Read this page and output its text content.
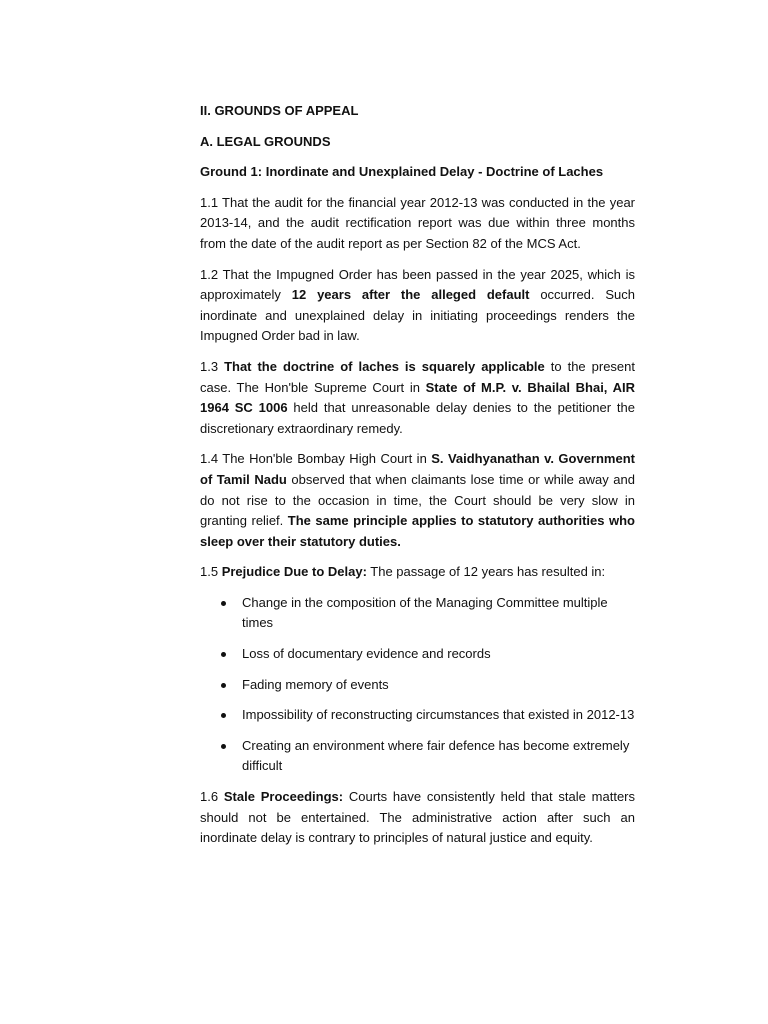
II. GROUNDS OF APPEAL

A. LEGAL GROUNDS

Ground 1: Inordinate and Unexplained Delay - Doctrine of Laches

1.1 That the audit for the financial year 2012-13 was conducted in the year 2013-14, and the audit rectification report was due within three months from the date of the audit report as per Section 82 of the MCS Act.

1.2 That the Impugned Order has been passed in the year 2025, which is approximately 12 years after the alleged default occurred. Such inordinate and unexplained delay in initiating proceedings renders the Impugned Order bad in law.

1.3 That the doctrine of laches is squarely applicable to the present case. The Hon'ble Supreme Court in State of M.P. v. Bhailal Bhai, AIR 1964 SC 1006 held that unreasonable delay denies to the petitioner the discretionary extraordinary remedy.

1.4 The Hon'ble Bombay High Court in S. Vaidhyanathan v. Government of Tamil Nadu observed that when claimants lose time or while away and do not rise to the occasion in time, the Court should be very slow in granting relief. The same principle applies to statutory authorities who sleep over their statutory duties.

1.5 Prejudice Due to Delay: The passage of 12 years has resulted in:

Change in the composition of the Managing Committee multiple times
Loss of documentary evidence and records
Fading memory of events
Impossibility of reconstructing circumstances that existed in 2012-13
Creating an environment where fair defence has become extremely difficult

1.6 Stale Proceedings: Courts have consistently held that stale matters should not be entertained. The administrative action after such an inordinate delay is contrary to principles of natural justice and equity.
